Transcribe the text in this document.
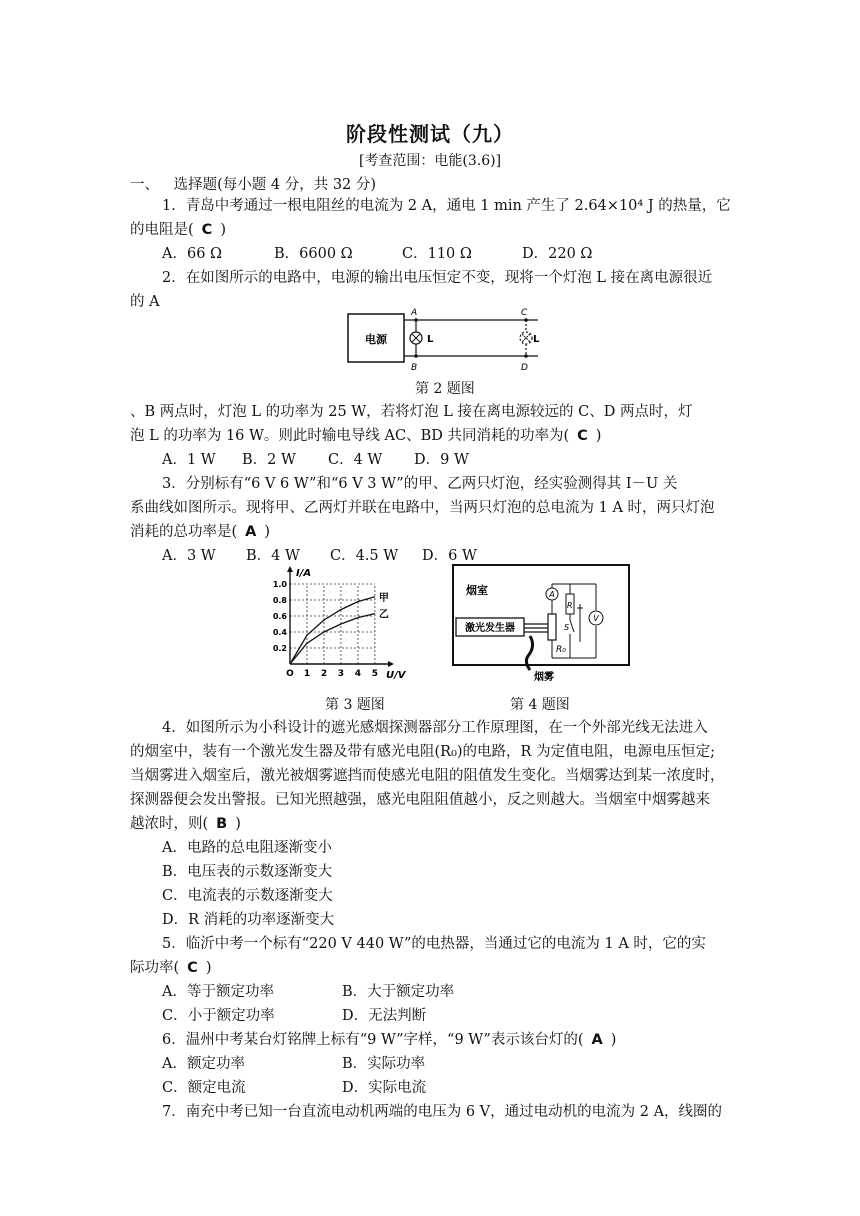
阶段性测试（九）
[考查范围：电能(3.6)]
一、 选择题(每小题 4 分，共 32 分)
1．青岛中考通过一根电阻丝的电流为 2 A，通电 1 min 产生了 2.64×10⁴ J 的热量，它
的电阻是( C )
A．66 Ω	B．6600 Ω	C．110 Ω	D．220 Ω
2．在如图所示的电路中，电源的输出电压恒定不变，现将一个灯泡 L 接在离电源很近
的 A
电源
A
B
L
C
D
L
第 2 题图
、B 两点时，灯泡 L 的功率为 25 W，若将灯泡 L 接在离电源较远的 C、D 两点时，灯
泡 L 的功率为 16 W。则此时输电导线 AC、BD 共同消耗的功率为( C )
A．1 W B．2 W C．4 W D．9 W
3．分别标有“6 V 6 W”和“6 V 3 W”的甲、乙两只灯泡，经实验测得其 I－U 关
系曲线如图所示。现将甲、乙两灯并联在电路中，当两只灯泡的总电流为 1 A 时，两只灯泡
消耗的总功率是( A )
A．3 W B．4 W C．4.5 W D．6 W
I/A
U/V
O 1 2 3 4 5
0.2
0.4
0.6
0.8
1.0
甲
乙
第 3 题图
烟室
激光发生器
烟雾
R₀
A
R
S
V
第 4 题图
4．如图所示为小科设计的遮光感烟探测器部分工作原理图，在一个外部光线无法进入
的烟室中，装有一个激光发生器及带有感光电阻(R₀)的电路，R 为定值电阻，电源电压恒定;
当烟雾进入烟室后，激光被烟雾遮挡而使感光电阻的阻值发生变化。当烟雾达到某一浓度时，
探测器便会发出警报。已知光照越强，感光电阻阻值越小，反之则越大。当烟室中烟雾越来
越浓时，则( B )
A．电路的总电阻逐渐变小
B．电压表的示数逐渐变大
C．电流表的示数逐渐变大
D．R 消耗的功率逐渐变大
5．临沂中考一个标有“220 V 440 W”的电热器，当通过它的电流为 1 A 时，它的实
际功率( C )
A．等于额定功率	B．大于额定功率
C．小于额定功率	D．无法判断
6．温州中考某台灯铭牌上标有“9 W”字样，“9 W”表示该台灯的( A )
A．额定功率	B．实际功率
C．额定电流	D．实际电流
7．南充中考已知一台直流电动机两端的电压为 6 V，通过电动机的电流为 2 A，线圈的
